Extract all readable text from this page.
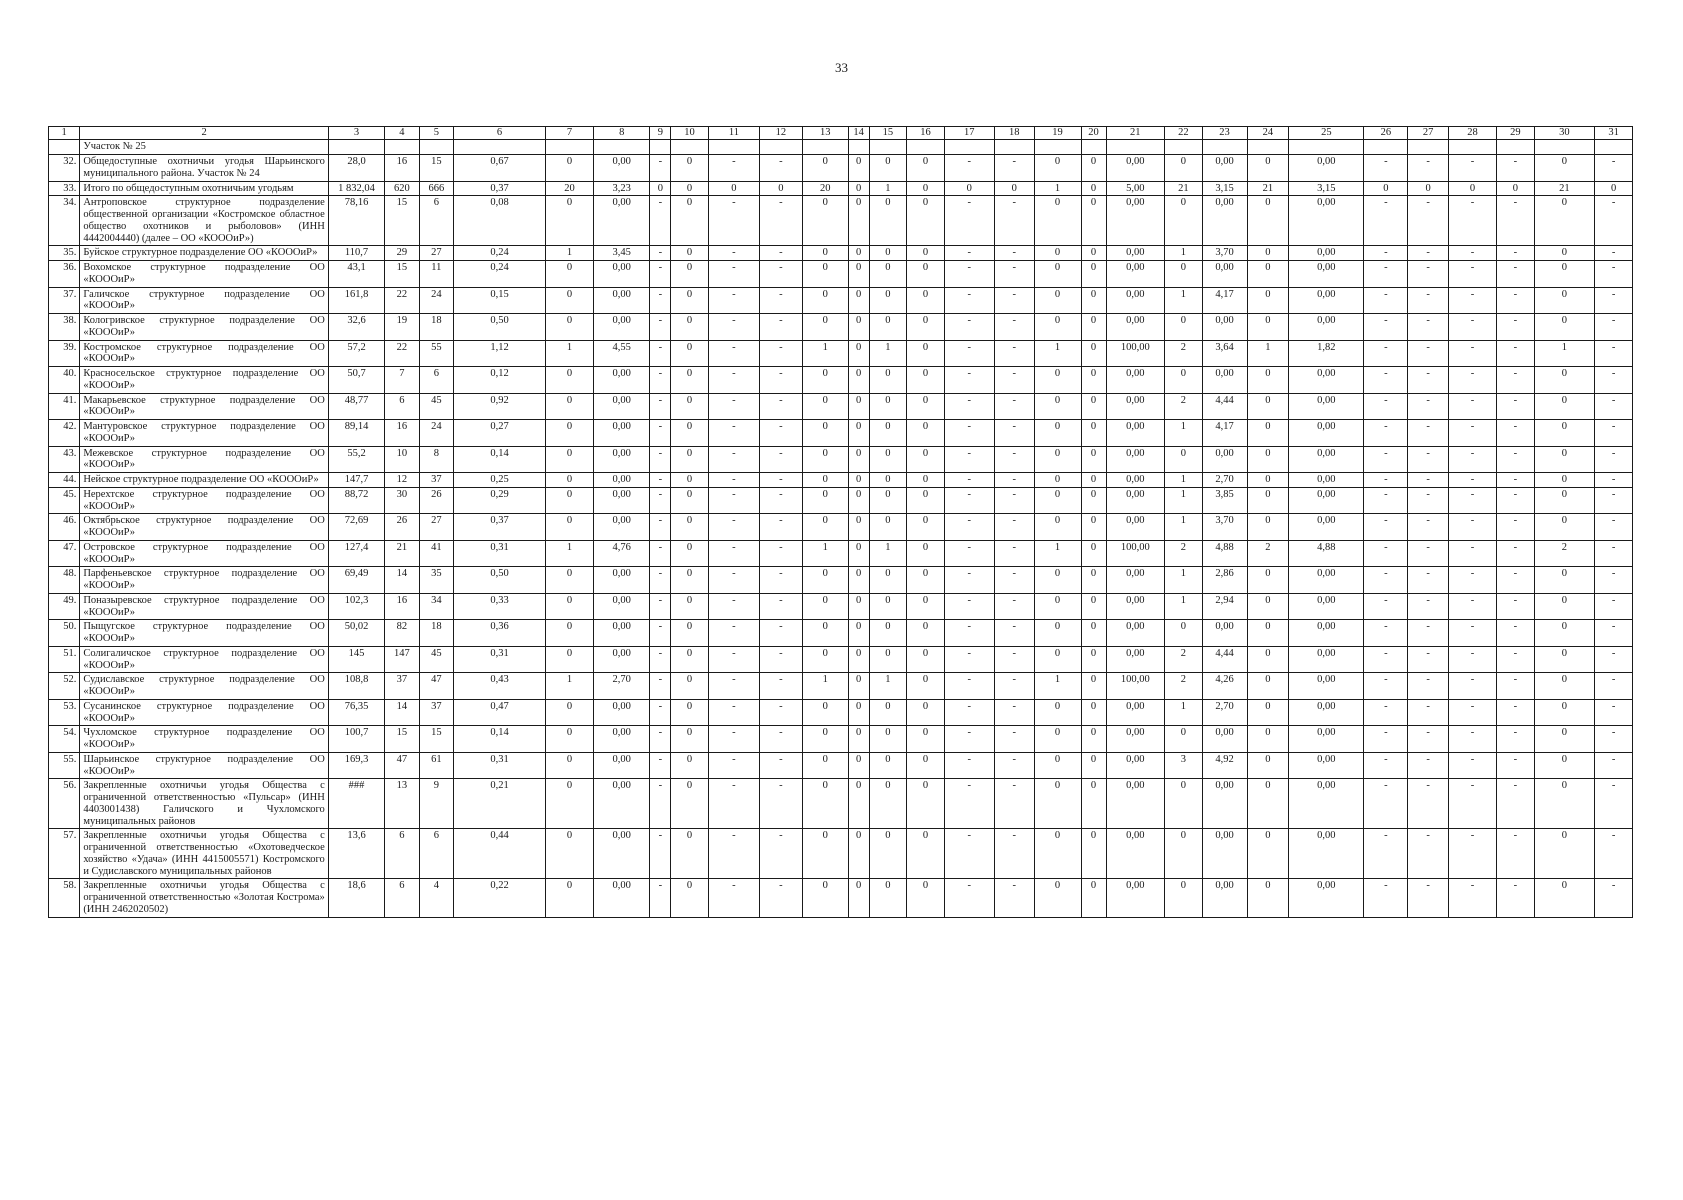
33
1	2	3	4	5	6	7	8	9	10	11	12	13	14	15	16	17	18	19	20	21	22	23	24	25	26	27	28	29	30	31
	Участок № 25																													
32.	Общедоступные охотничьи угодья Шарьинского муниципального района. Участок № 24	28,0	16	15	0,67	0	0,00	-	0	-	-	0	0	0	0	-	-	0	0	0,00	0	0,00	0	0,00	-	-	-	-	0	-
33.	Итого по общедоступным охотничьим угодьям	1 832,04	620	666	0,37	20	3,23	0	0	0	0	20	0	1	0	0	0	1	0	5,00	21	3,15	21	3,15	0	0	0	0	21	0
34.	Антроповское структурное подразделение общественной организации «Костромское областное общество охотников и рыболовов» (ИНН 4442004440) (далее – ОО «КОООиР»)	78,16	15	6	0,08	0	0,00	-	0	-	-	0	0	0	0	-	-	0	0	0,00	0	0,00	0	0,00	-	-	-	-	0	-
35.	Буйское структурное подразделение ОО «КОООиР»	110,7	29	27	0,24	1	3,45	-	0	-	-	0	0	0	0	-	-	0	0	0,00	1	3,70	0	0,00	-	-	-	-	0	-
36.	Вохомское структурное подразделение ОО «КОООиР»	43,1	15	11	0,24	0	0,00	-	0	-	-	0	0	0	0	-	-	0	0	0,00	0	0,00	0	0,00	-	-	-	-	0	-
37.	Галичское структурное подразделение ОО «КОООиР»	161,8	22	24	0,15	0	0,00	-	0	-	-	0	0	0	0	-	-	0	0	0,00	1	4,17	0	0,00	-	-	-	-	0	-
38.	Кологривское структурное подразделение ОО «КОООиР»	32,6	19	18	0,50	0	0,00	-	0	-	-	0	0	0	0	-	-	0	0	0,00	0	0,00	0	0,00	-	-	-	-	0	-
39.	Костромское структурное подразделение ОО «КОООиР»	57,2	22	55	1,12	1	4,55	-	0	-	-	1	0	1	0	-	-	1	0	100,00	2	3,64	1	1,82	-	-	-	-	1	-
40.	Красносельское структурное подразделение ОО «КОООиР»	50,7	7	6	0,12	0	0,00	-	0	-	-	0	0	0	0	-	-	0	0	0,00	0	0,00	0	0,00	-	-	-	-	0	-
41.	Макарьевское структурное подразделение ОО «КОООиР»	48,77	6	45	0,92	0	0,00	-	0	-	-	0	0	0	0	-	-	0	0	0,00	2	4,44	0	0,00	-	-	-	-	0	-
42.	Мантуровское структурное подразделение ОО «КОООиР»	89,14	16	24	0,27	0	0,00	-	0	-	-	0	0	0	0	-	-	0	0	0,00	1	4,17	0	0,00	-	-	-	-	0	-
43.	Межевское структурное подразделение ОО «КОООиР»	55,2	10	8	0,14	0	0,00	-	0	-	-	0	0	0	0	-	-	0	0	0,00	0	0,00	0	0,00	-	-	-	-	0	-
44.	Нейское структурное подразделение ОО «КОООиР»	147,7	12	37	0,25	0	0,00	-	0	-	-	0	0	0	0	-	-	0	0	0,00	1	2,70	0	0,00	-	-	-	-	0	-
45.	Нерехтское структурное подразделение ОО «КОООиР»	88,72	30	26	0,29	0	0,00	-	0	-	-	0	0	0	0	-	-	0	0	0,00	1	3,85	0	0,00	-	-	-	-	0	-
46.	Октябрьское структурное подразделение ОО «КОООиР»	72,69	26	27	0,37	0	0,00	-	0	-	-	0	0	0	0	-	-	0	0	0,00	1	3,70	0	0,00	-	-	-	-	0	-
47.	Островское структурное подразделение ОО «КОООиР»	127,4	21	41	0,31	1	4,76	-	0	-	-	1	0	1	0	-	-	1	0	100,00	2	4,88	2	4,88	-	-	-	-	2	-
48.	Парфеньевское структурное подразделение ОО «КОООиР»	69,49	14	35	0,50	0	0,00	-	0	-	-	0	0	0	0	-	-	0	0	0,00	1	2,86	0	0,00	-	-	-	-	0	-
49.	Поназыревское структурное подразделение ОО «КОООиР»	102,3	16	34	0,33	0	0,00	-	0	-	-	0	0	0	0	-	-	0	0	0,00	1	2,94	0	0,00	-	-	-	-	0	-
50.	Пыщугское структурное подразделение ОО «КОООиР»	50,02	82	18	0,36	0	0,00	-	0	-	-	0	0	0	0	-	-	0	0	0,00	0	0,00	0	0,00	-	-	-	-	0	-
51.	Солигаличское структурное подразделение ОО «КОООиР»	145	147	45	0,31	0	0,00	-	0	-	-	0	0	0	0	-	-	0	0	0,00	2	4,44	0	0,00	-	-	-	-	0	-
52.	Судиславское структурное подразделение ОО «КОООиР»	108,8	37	47	0,43	1	2,70	-	0	-	-	1	0	1	0	-	-	1	0	100,00	2	4,26	0	0,00	-	-	-	-	0	-
53.	Сусанинское структурное подразделение ОО «КОООиР»	76,35	14	37	0,47	0	0,00	-	0	-	-	0	0	0	0	-	-	0	0	0,00	1	2,70	0	0,00	-	-	-	-	0	-
54.	Чухломское структурное подразделение ОО «КОООиР»	100,7	15	15	0,14	0	0,00	-	0	-	-	0	0	0	0	-	-	0	0	0,00	0	0,00	0	0,00	-	-	-	-	0	-
55.	Шарьинское структурное подразделение ОО «КОООиР»	169,3	47	61	0,31	0	0,00	-	0	-	-	0	0	0	0	-	-	0	0	0,00	3	4,92	0	0,00	-	-	-	-	0	-
56.	Закрепленные охотничьи угодья Общества с ограниченной ответственностью «Пульсар» (ИНН 4403001438) Галичского и Чухломского муниципальных районов	###	13	9	0,21	0	0,00	-	0	-	-	0	0	0	0	-	-	0	0	0,00	0	0,00	0	0,00	-	-	-	-	0	-
57.	Закрепленные охотничьи угодья Общества с ограниченной ответственностью «Охотоведческое хозяйство «Удача» (ИНН 4415005571) Костромского и Судиславского муниципальных районов	13,6	6	6	0,44	0	0,00	-	0	-	-	0	0	0	0	-	-	0	0	0,00	0	0,00	0	0,00	-	-	-	-	0	-
58.	Закрепленные охотничьи угодья Общества с ограниченной ответственностью «Золотая Кострома» (ИНН 2462020502)	18,6	6	4	0,22	0	0,00	-	0	-	-	0	0	0	0	-	-	0	0	0,00	0	0,00	0	0,00	-	-	-	-	0	-
